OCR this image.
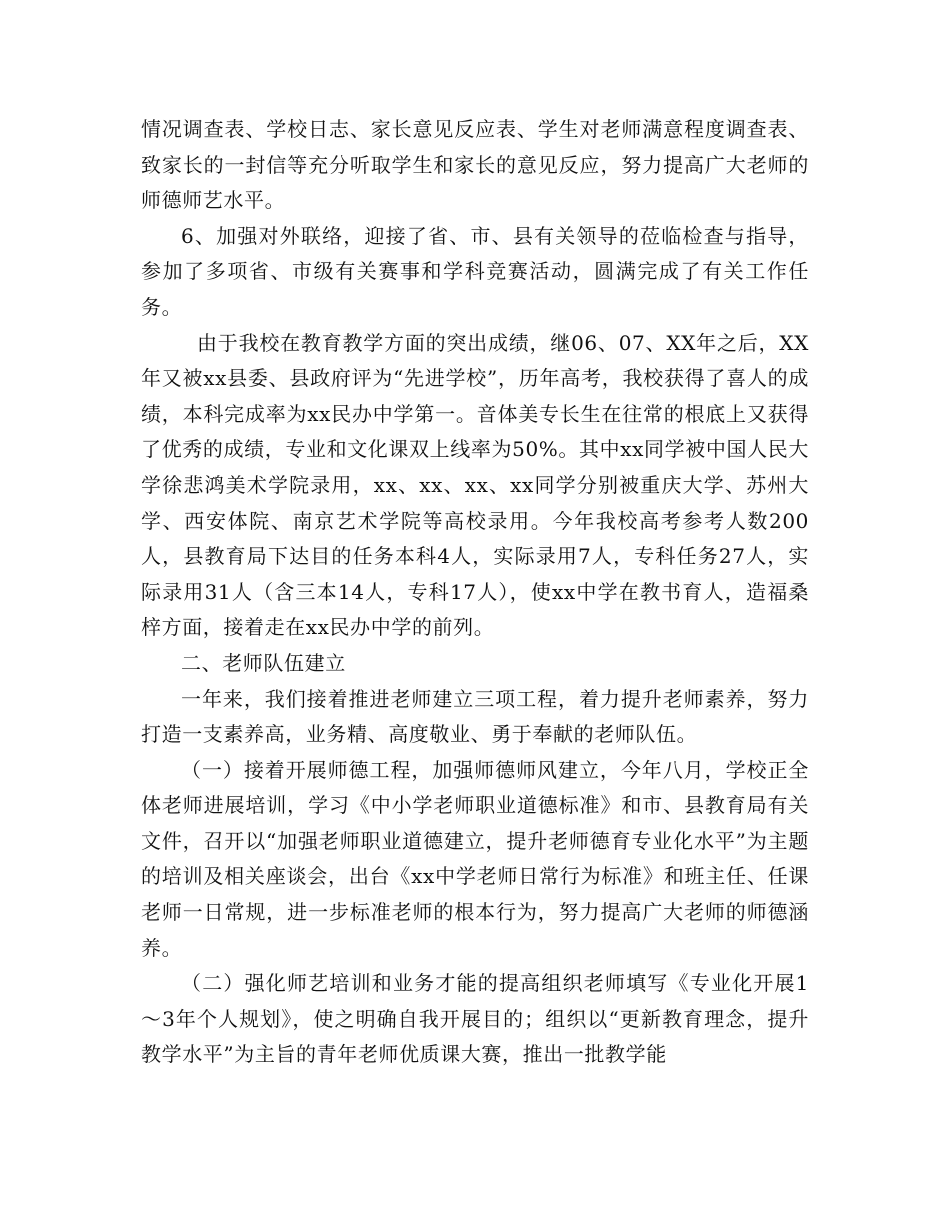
情况调查表、学校日志、家长意见反应表、学生对老师满意程度调查表、致家长的一封信等充分听取学生和家长的意见反应，努力提高广大老师的师德师艺水平。

6、加强对外联络，迎接了省、市、县有关领导的莅临检查与指导，参加了多项省、市级有关赛事和学科竞赛活动，圆满完成了有关工作任务。

由于我校在教育教学方面的突出成绩，继06、07、XX年之后，XX年又被xx县委、县政府评为“先进学校”，历年高考，我校获得了喜人的成绩，本科完成率为xx民办中学第一。音体美专长生在往常的根底上又获得了优秀的成绩，专业和文化课双上线率为50%。其中xx同学被中国人民大学徐悲鸿美术学院录用，xx、xx、xx、xx同学分别被重庆大学、苏州大学、西安体院、南京艺术学院等高校录用。今年我校高考参考人数200人，县教育局下达目的任务本科4人，实际录用7人，专科任务27人，实际录用31人（含三本14人，专科17人），使xx中学在教书育人，造福桑梓方面，接着走在xx民办中学的前列。

二、老师队伍建立

一年来，我们接着推进老师建立三项工程，着力提升老师素养，努力打造一支素养高，业务精、高度敬业、勇于奉献的老师队伍。

（一）接着开展师德工程，加强师德师风建立，今年八月，学校正全体老师进展培训，学习《中小学老师职业道德标准》和市、县教育局有关文件，召开以“加强老师职业道德建立，提升老师德育专业化水平”为主题的培训及相关座谈会，出台《xx中学老师日常行为标准》和班主任、任课老师一日常规，进一步标准老师的根本行为，努力提高广大老师的师德涵养。

（二）强化师艺培训和业务才能的提高组织老师填写《专业化开展1～3年个人规划》，使之明确自我开展目的；组织以“更新教育理念，提升教学水平”为主旨的青年老师优质课大赛，推出一批教学能
